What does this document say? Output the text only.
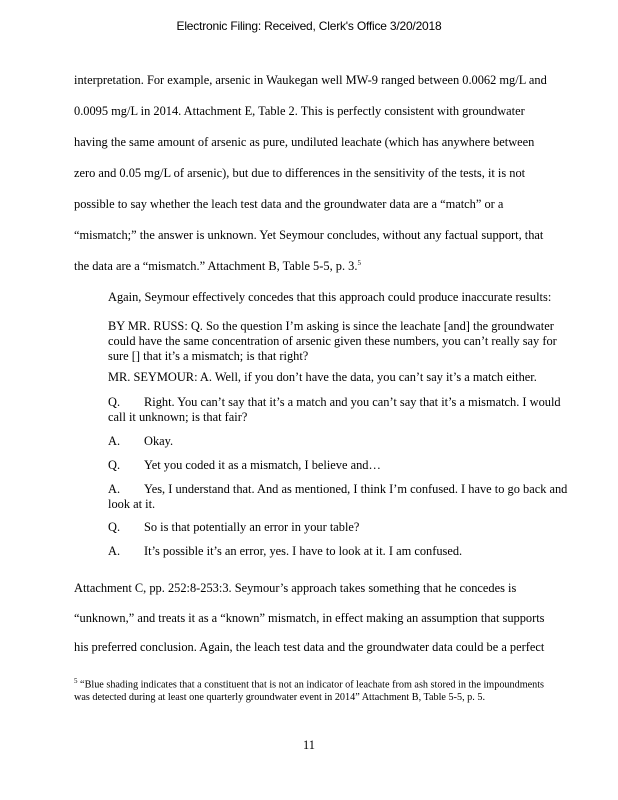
Electronic Filing: Received, Clerk's Office 3/20/2018
interpretation. For example, arsenic in Waukegan well MW-9 ranged between 0.0062 mg/L and
0.0095 mg/L in 2014. Attachment E, Table 2. This is perfectly consistent with groundwater
having the same amount of arsenic as pure, undiluted leachate (which has anywhere between
zero and 0.05 mg/L of arsenic), but due to differences in the sensitivity of the tests, it is not
possible to say whether the leach test data and the groundwater data are a “match” or a
“mismatch;” the answer is unknown. Yet Seymour concludes, without any factual support, that
the data are a “mismatch.” Attachment B, Table 5-5, p. 3.$^5$
Again, Seymour effectively concedes that this approach could produce inaccurate results:
BY MR. RUSS: Q. So the question I’m asking is since the leachate [and] the groundwater could have the same concentration of arsenic given these numbers, you can’t really say for sure [] that it’s a mismatch; is that right?
MR. SEYMOUR: A. Well, if you don’t have the data, you can’t say it’s a match either.
Q. Right. You can’t say that it’s a match and you can’t say that it’s a mismatch. I would call it unknown; is that fair?
A. Okay.
Q. Yet you coded it as a mismatch, I believe and…
A. Yes, I understand that. And as mentioned, I think I’m confused. I have to go back and look at it.
Q. So is that potentially an error in your table?
A. It’s possible it’s an error, yes. I have to look at it. I am confused.
Attachment C, pp. 252:8-253:3. Seymour’s approach takes something that he concedes is
“unknown,” and treats it as a “known” mismatch, in effect making an assumption that supports
his preferred conclusion. Again, the leach test data and the groundwater data could be a perfect
$^5$ “Blue shading indicates that a constituent that is not an indicator of leachate from ash stored in the impoundments was detected during at least one quarterly groundwater event in 2014” Attachment B, Table 5-5, p. 5.
11
